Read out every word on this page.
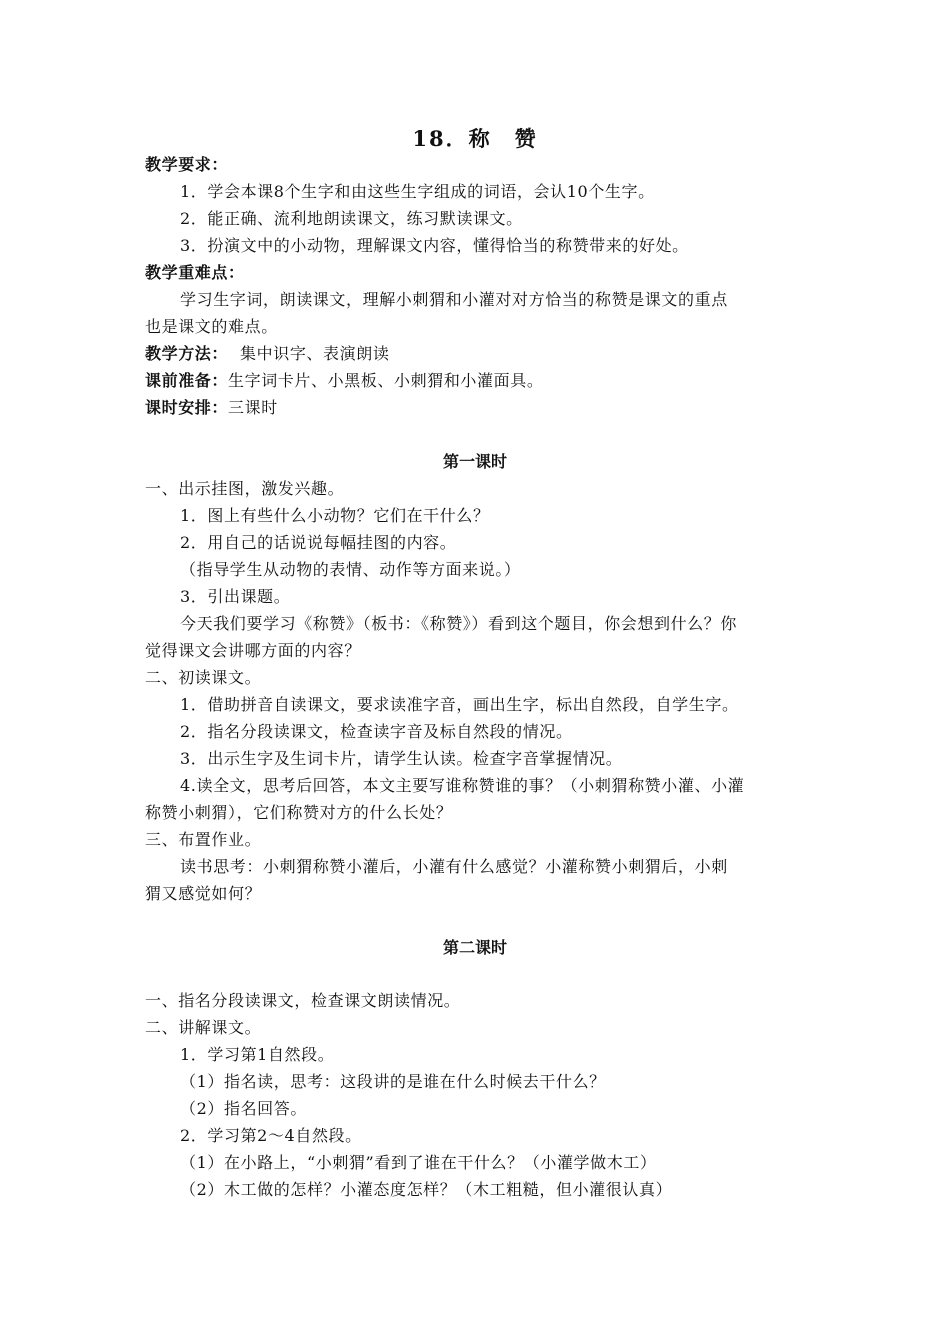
18．称　赞
教学要求：
1．学会本课8个生字和由这些生字组成的词语，会认10个生字。
2．能正确、流利地朗读课文，练习默读课文。
3．扮演文中的小动物，理解课文内容，懂得恰当的称赞带来的好处。
教学重难点：
学习生字词，朗读课文，理解小刺猬和小灌对对方恰当的称赞是课文的重点
也是课文的难点。
教学方法： 集中识字、表演朗读
课前准备：生字词卡片、小黑板、小刺猬和小灌面具。
课时安排：三课时
第一课时
一、出示挂图，激发兴趣。
1．图上有些什么小动物？它们在干什么？
2．用自己的话说说每幅挂图的内容。
（指导学生从动物的表情、动作等方面来说。）
3．引出课题。
今天我们要学习《称赞》（板书：《称赞》）看到这个题目，你会想到什么？你
觉得课文会讲哪方面的内容？
二、初读课文。
1．借助拼音自读课文，要求读准字音，画出生字，标出自然段，自学生字。
2．指名分段读课文，检查读字音及标自然段的情况。
3．出示生字及生词卡片，请学生认读。检查字音掌握情况。
4.读全文，思考后回答，本文主要写谁称赞谁的事？（小刺猬称赞小灌、小灌
称赞小刺猬），它们称赞对方的什么长处？
三、布置作业。
读书思考：小刺猬称赞小灌后，小灌有什么感觉？小灌称赞小刺猬后，小刺
猬又感觉如何？
第二课时
一、指名分段读课文，检查课文朗读情况。
二、讲解课文。
1．学习第1自然段。
（1）指名读，思考：这段讲的是谁在什么时候去干什么？
（2）指名回答。
2．学习第2～4自然段。
（1）在小路上，“小刺猬”看到了谁在干什么？（小灌学做木工）
（2）木工做的怎样？小灌态度怎样？（木工粗糙，但小灌很认真）
